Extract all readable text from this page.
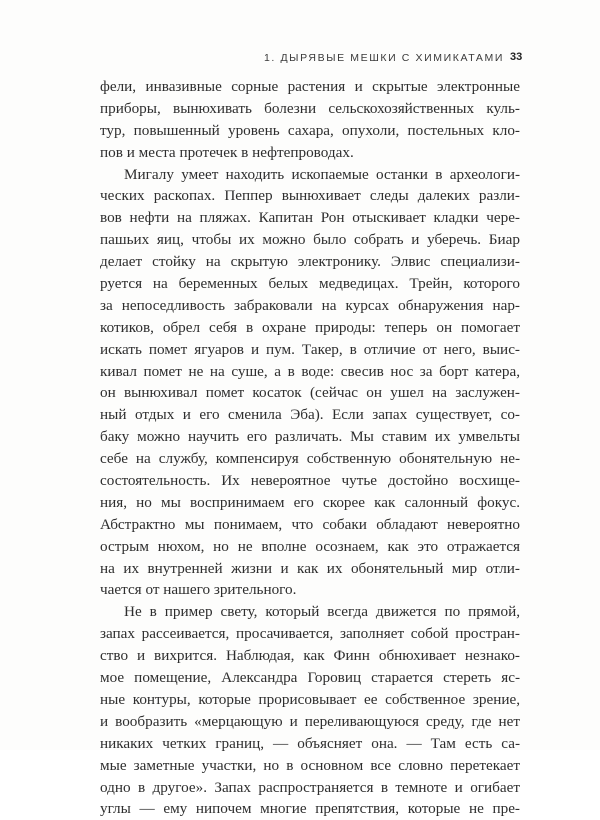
1. ДЫРЯВЫЕ МЕШКИ С ХИМИКАТАМИ 33
фели, инвазивные сорные растения и скрытые электронные
приборы, вынюхивать болезни сельскохозяйственных куль-
тур, повышенный уровень сахара, опухоли, постельных кло-
пов и места протечек в нефтепроводах.
Мигалу умеет находить ископаемые останки в археологи-
ческих раскопах. Пеппер вынюхивает следы далеких разли-
вов нефти на пляжах. Капитан Рон отыскивает кладки чере-
пашьих яиц, чтобы их можно было собрать и уберечь. Биар
делает стойку на скрытую электронику. Элвис специализи-
руется на беременных белых медведицах. Трейн, которого
за непоседливость забраковали на курсах обнаружения нар-
котиков, обрел себя в охране природы: теперь он помогает
искать помет ягуаров и пум. Такер, в отличие от него, выис-
кивал помет не на суше, а в воде: свесив нос за борт катера,
он вынюхивал помет косаток (сейчас он ушел на заслужен-
ный отдых и его сменила Эба). Если запах существует, со-
баку можно научить его различать. Мы ставим их умвельты
себе на службу, компенсируя собственную обонятельную не-
состоятельность. Их невероятное чутье достойно восхище-
ния, но мы воспринимаем его скорее как салонный фокус.
Абстрактно мы понимаем, что собаки обладают невероятно
острым нюхом, но не вполне осознаем, как это отражается
на их внутренней жизни и как их обонятельный мир отли-
чается от нашего зрительного.
Не в пример свету, который всегда движется по прямой,
запах рассеивается, просачивается, заполняет собой простран-
ство и вихрится. Наблюдая, как Финн обнюхивает незнако-
мое помещение, Александра Горовиц старается стереть яс-
ные контуры, которые прорисовывает ее собственное зрение,
и вообразить «мерцающую и переливающуюся среду, где нет
никаких четких границ, — объясняет она. — Там есть са-
мые заметные участки, но в основном все словно перетекает
одно в другое». Запах распространяется в темноте и огибает
углы — ему нипочем многие препятствия, которые не пре-
